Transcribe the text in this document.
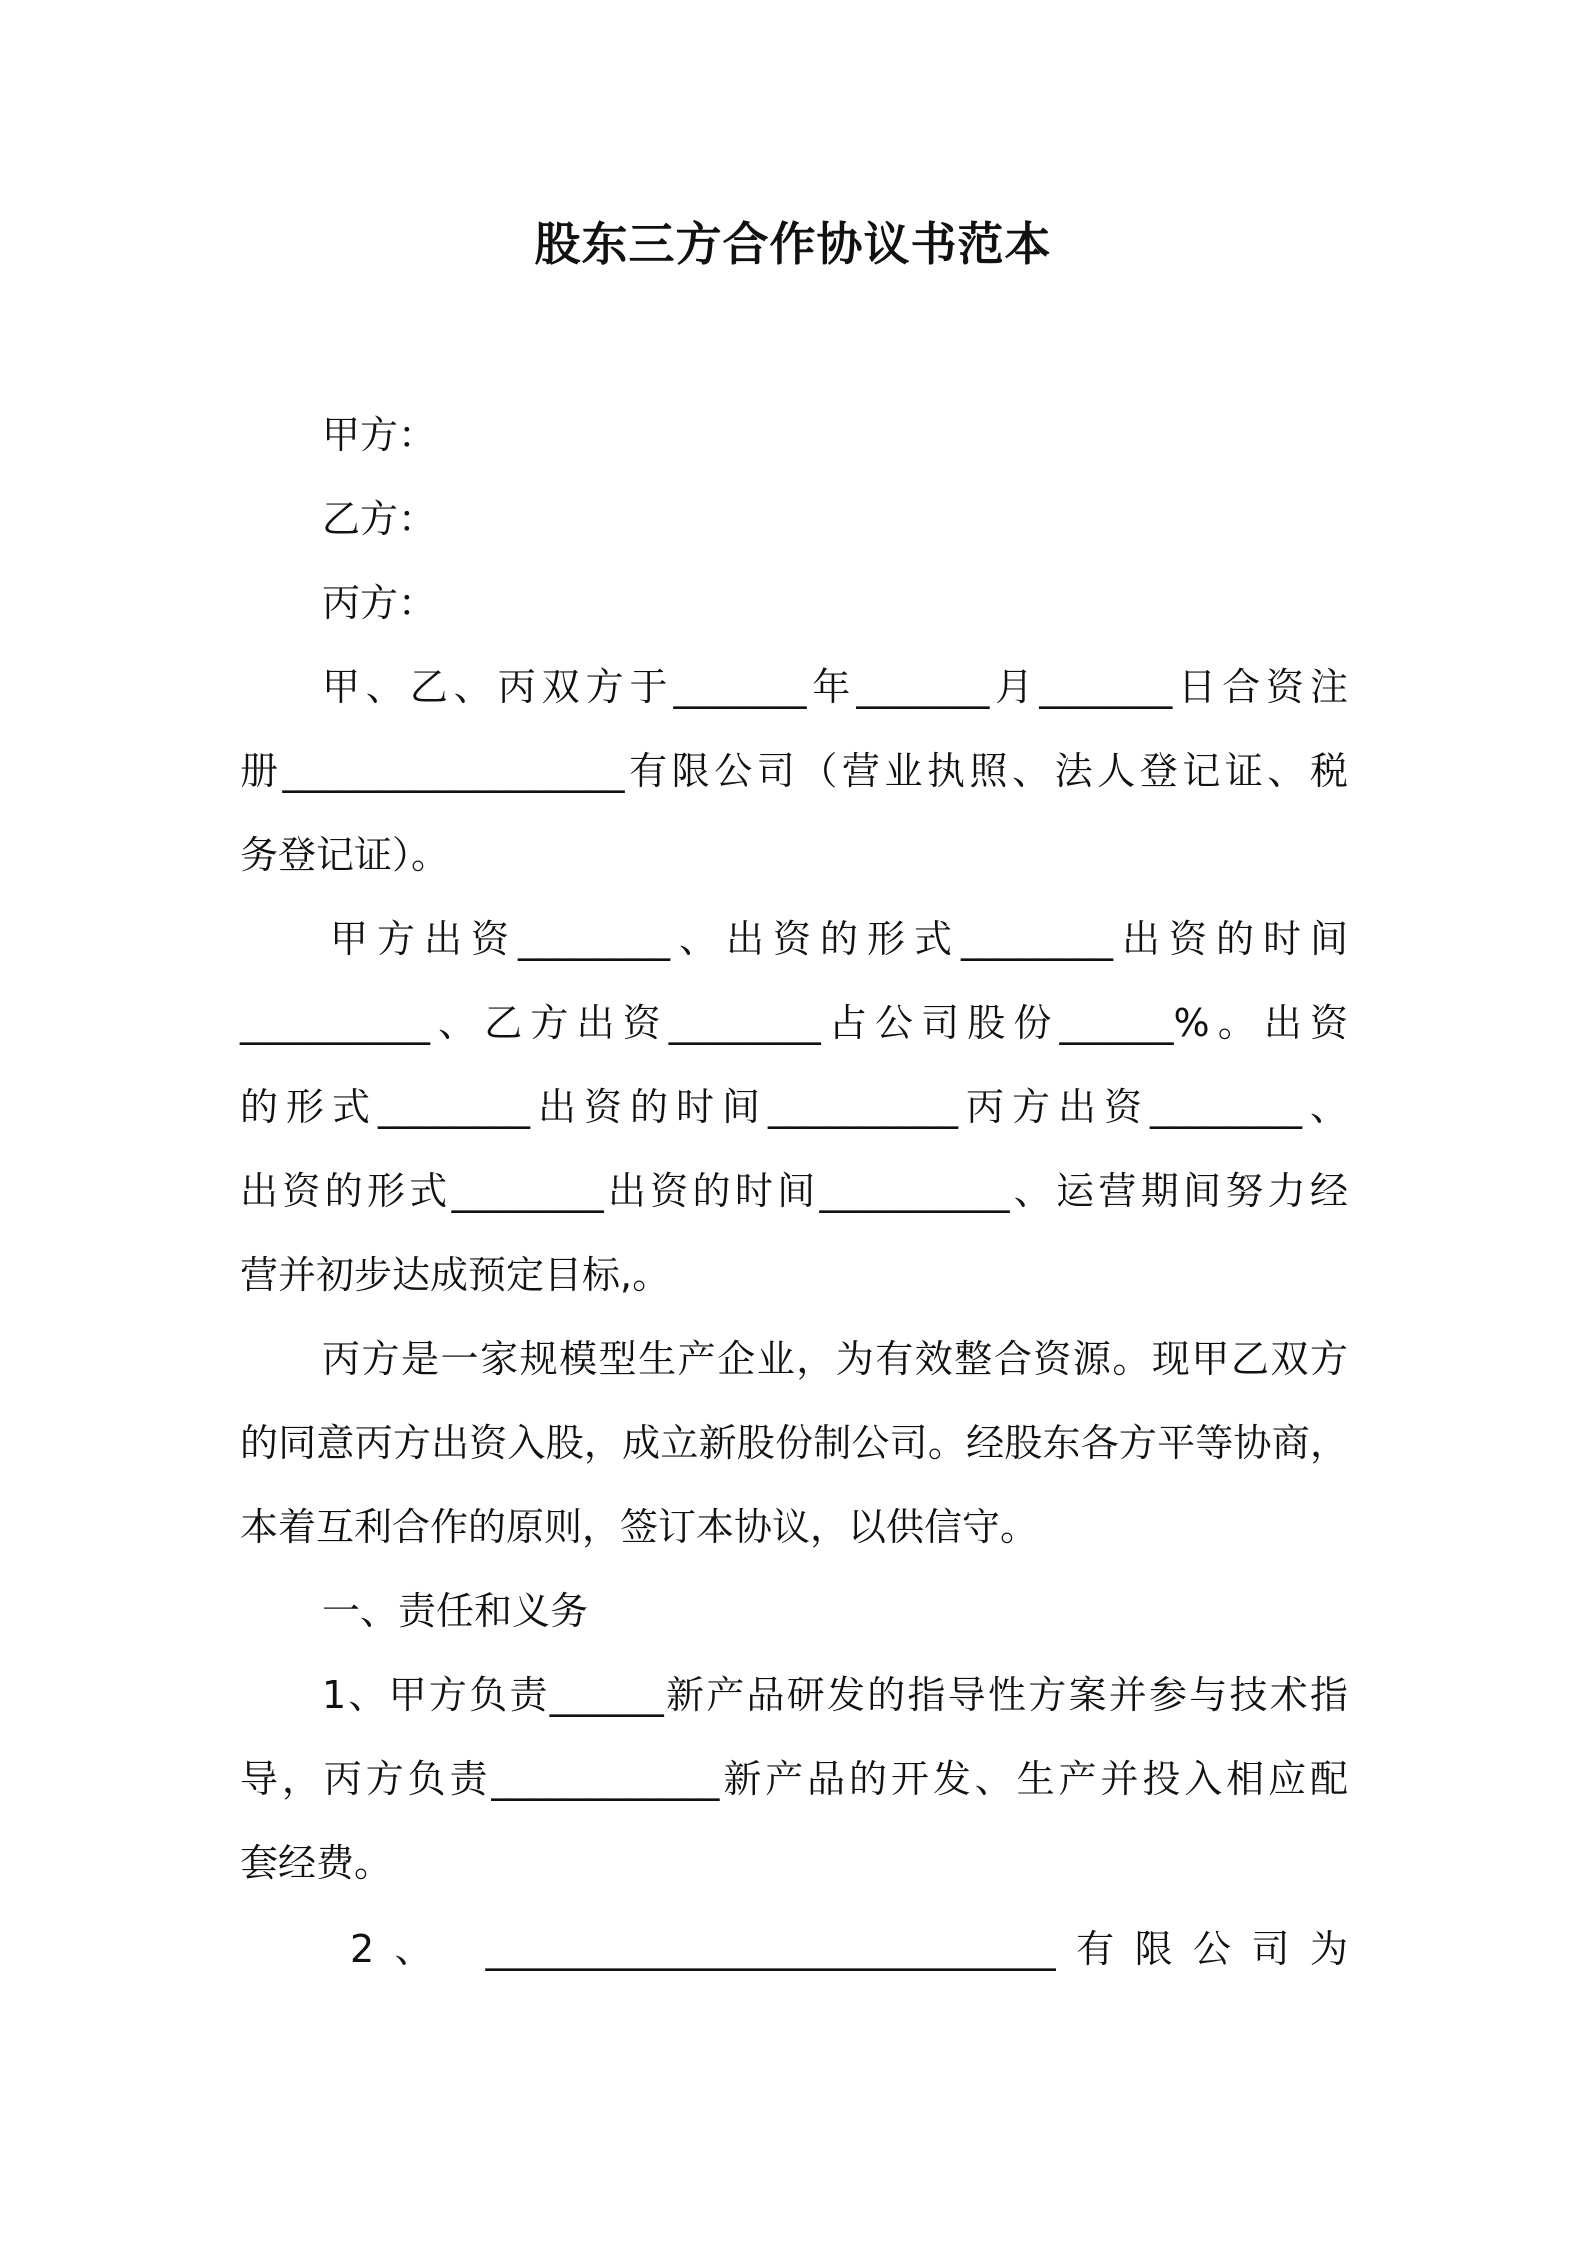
股东三方合作协议书范本
甲方：
乙方：
丙方：
甲、乙、丙双方于_______年_______月_______日合资注
册__________________有限公司（营业执照、法人登记证、税
务登记证）。
甲方出资________、出资的形式________出资的时间
__________、乙方出资________占公司股份______%。出资
的形式________出资的时间__________丙方出资________、
出资的形式________出资的时间__________、运营期间努力经
营并初步达成预定目标,。
丙方是一家规模型生产企业，为有效整合资源。现甲乙双方
的同意丙方出资入股，成立新股份制公司。经股东各方平等协商，
本着互利合作的原则，签订本协议，以供信守。
一、责任和义务
1、甲方负责______新产品研发的指导性方案并参与技术指
导，丙方负责____________新产品的开发、生产并投入相应配
套经费。
2、 ______________________________有限公司为
